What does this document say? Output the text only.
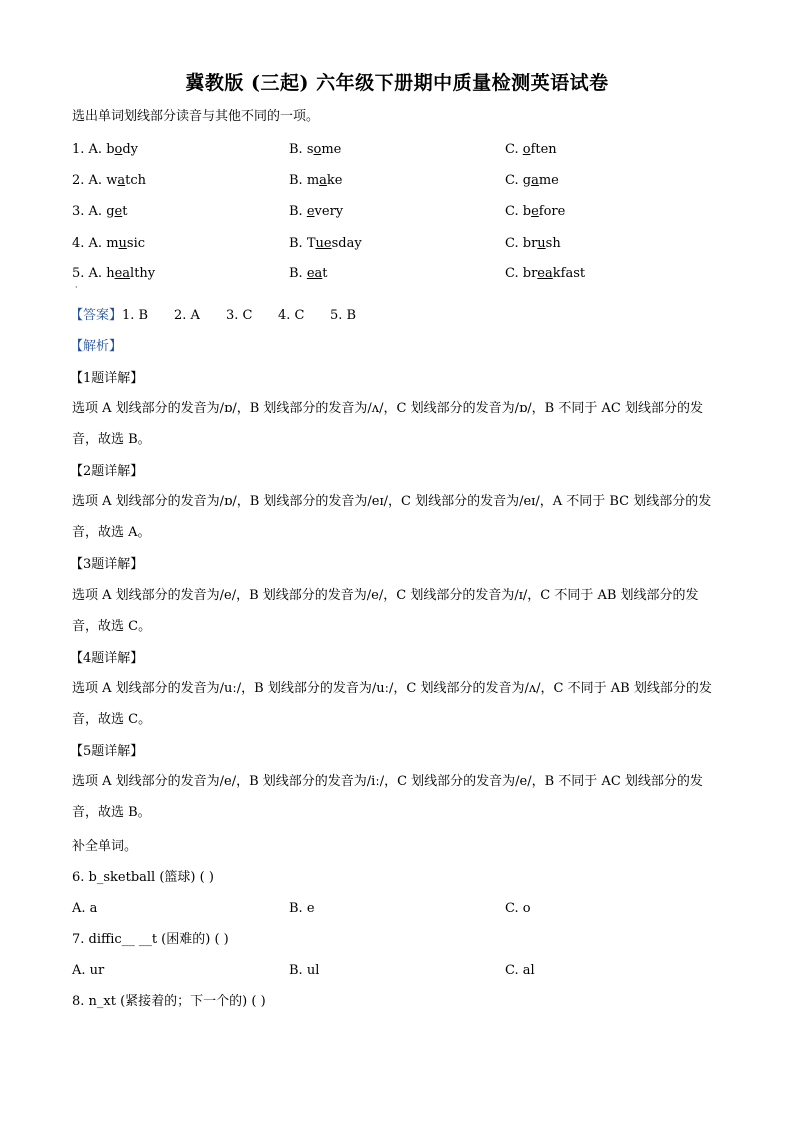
冀教版 (三起) 六年级下册期中质量检测英语试卷
选出单词划线部分读音与其他不同的一项。
1. A. body	B. some	C. often
2. A. watch	B. make	C. game
3. A. get	B. every	C. before
4. A. music	B. Tuesday	C. brush
5. A. healthy	B. eat	C. breakfast
·
【答案】1. B 2. A 3. C 4. C 5. B
【解析】
【1题详解】
选项 A 划线部分的发音为/ɒ/，B 划线部分的发音为/ʌ/，C 划线部分的发音为/ɒ/，B 不同于 AC 划线部分的发音，故选 B。
【2题详解】
选项 A 划线部分的发音为/ɒ/，B 划线部分的发音为/eɪ/，C 划线部分的发音为/eɪ/，A 不同于 BC 划线部分的发音，故选 A。
【3题详解】
选项 A 划线部分的发音为/e/，B 划线部分的发音为/e/，C 划线部分的发音为/ɪ/，C 不同于 AB 划线部分的发音，故选 C。
【4题详解】
选项 A 划线部分的发音为/uː/，B 划线部分的发音为/uː/，C 划线部分的发音为/ʌ/，C 不同于 AB 划线部分的发音，故选 C。
【5题详解】
选项 A 划线部分的发音为/e/，B 划线部分的发音为/iː/，C 划线部分的发音为/e/，B 不同于 AC 划线部分的发音，故选 B。
补全单词。
6. b_sketball (篮球) ( )
A. a	B. e	C. o
7. diffic__ __t (困难的) ( )
A. ur	B. ul	C. al
8. n_xt (紧接着的；下一个的) ( )
